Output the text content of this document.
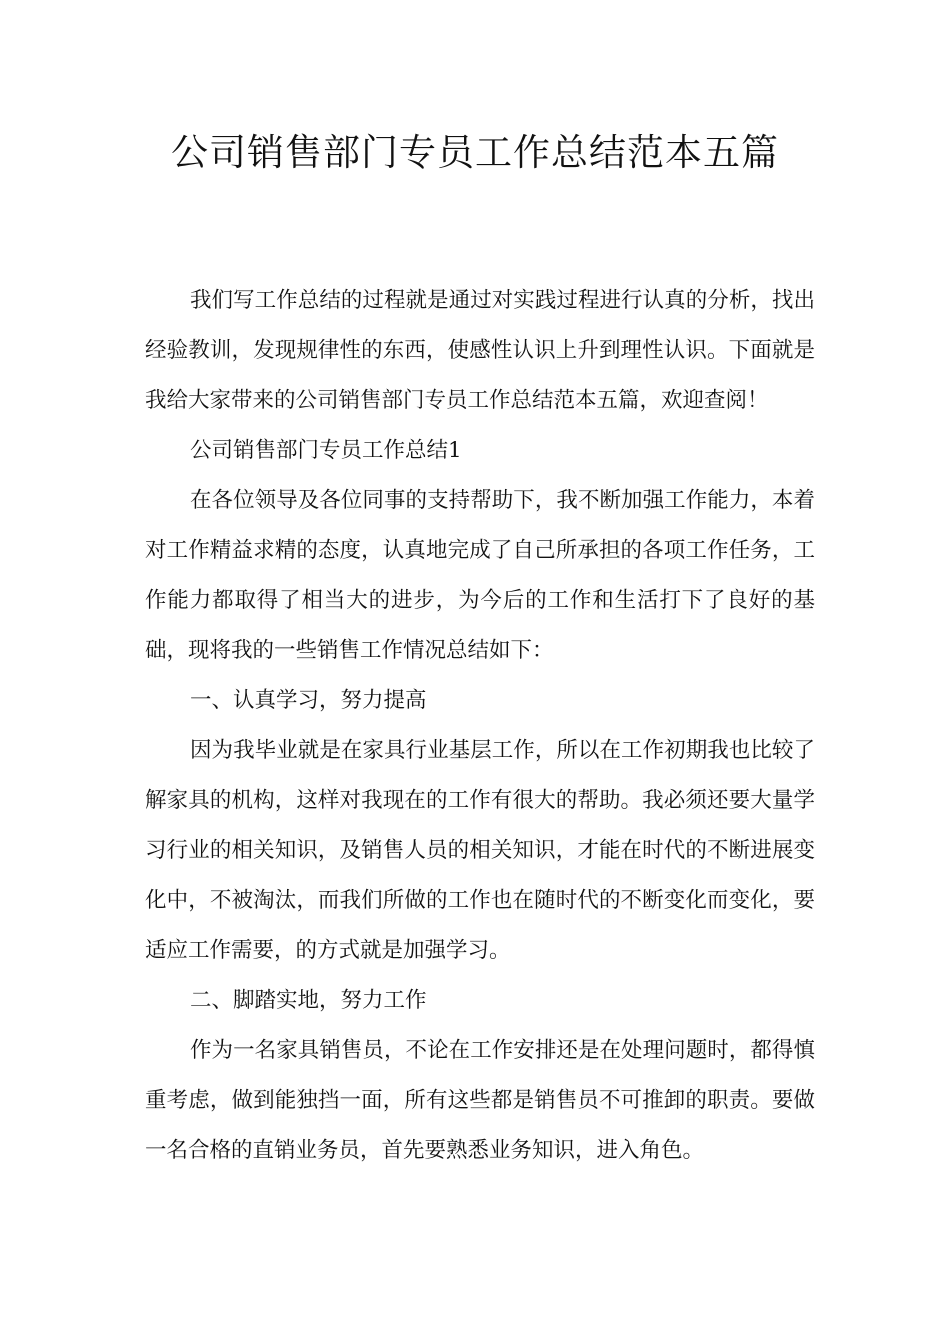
公司销售部门专员工作总结范本五篇

我们写工作总结的过程就是通过对实践过程进行认真的分析，找出经验教训，发现规律性的东西，使感性认识上升到理性认识。下面就是我给大家带来的公司销售部门专员工作总结范本五篇，欢迎查阅！

公司销售部门专员工作总结1

在各位领导及各位同事的支持帮助下，我不断加强工作能力，本着对工作精益求精的态度，认真地完成了自己所承担的各项工作任务，工作能力都取得了相当大的进步，为今后的工作和生活打下了良好的基础，现将我的一些销售工作情况总结如下：

一、认真学习，努力提高

因为我毕业就是在家具行业基层工作，所以在工作初期我也比较了解家具的机构，这样对我现在的工作有很大的帮助。我必须还要大量学习行业的相关知识，及销售人员的相关知识，才能在时代的不断进展变化中，不被淘汰，而我们所做的工作也在随时代的不断变化而变化，要适应工作需要，的方式就是加强学习。

二、脚踏实地，努力工作

作为一名家具销售员，不论在工作安排还是在处理问题时，都得慎重考虑，做到能独挡一面，所有这些都是销售员不可推卸的职责。要做一名合格的直销业务员，首先要熟悉业务知识，进入角色。
